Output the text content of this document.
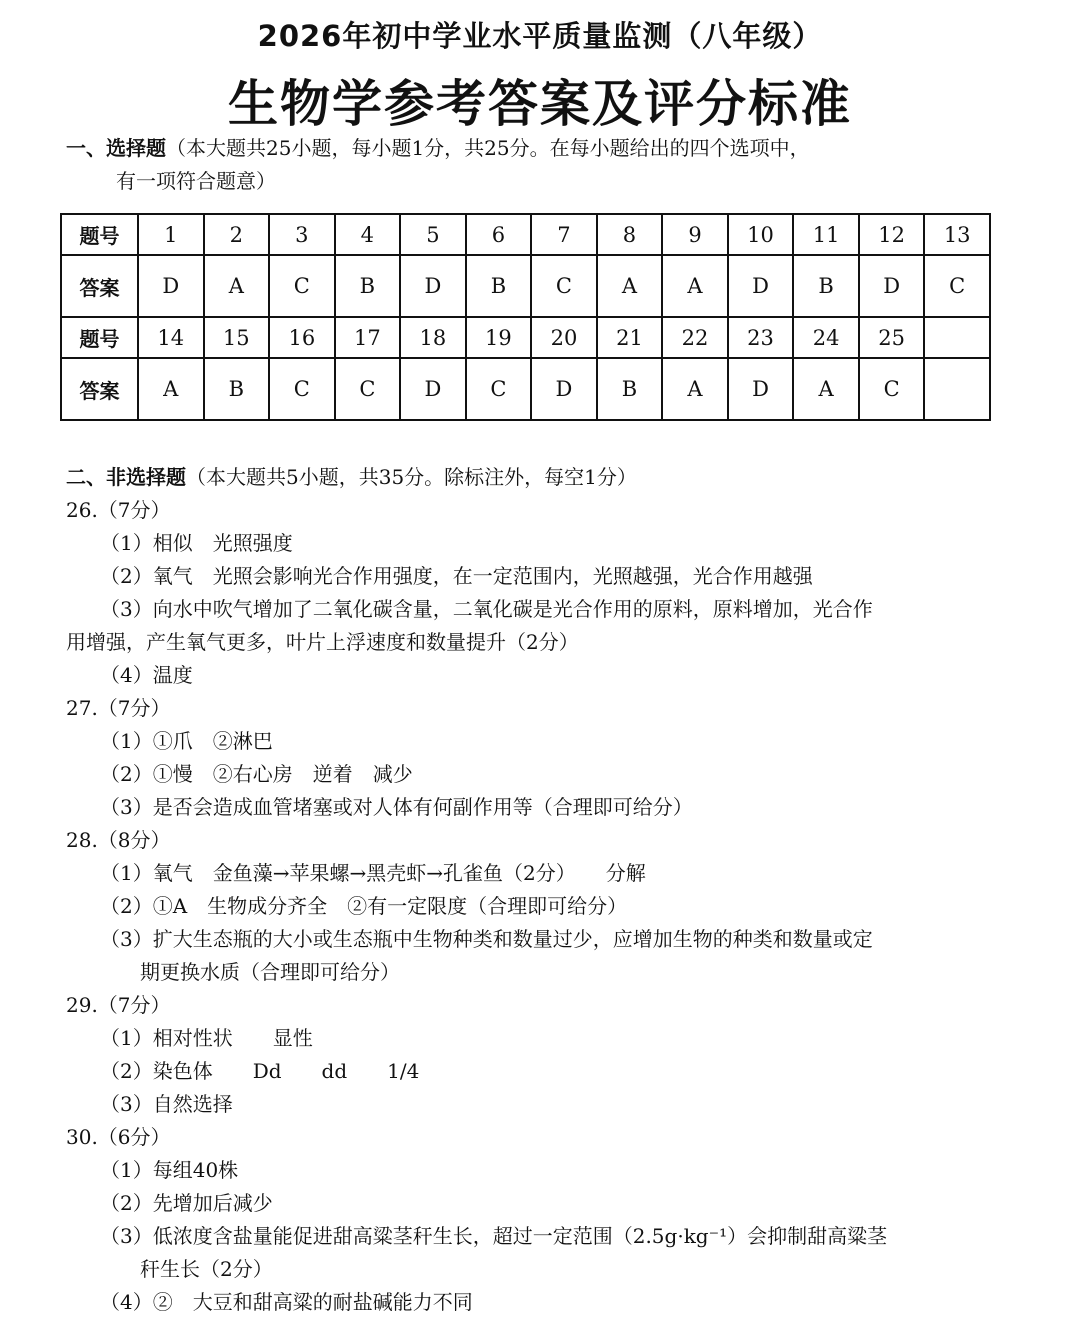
2026年初中学业水平质量监测（八年级）
生物学参考答案及评分标准
一、选择题（本大题共25小题，每小题1分，共25分。在每小题给出的四个选项中，
有一项符合题意）
题号	1	2	3	4	5	6	7	8	9	10	11	12	13
答案	D	A	C	B	D	B	C	A	A	D	B	D	C
题号	14	15	16	17	18	19	20	21	22	23	24	25	
答案	A	B	C	C	D	C	D	B	A	D	A	C	
二、非选择题（本大题共5小题，共35分。除标注外，每空1分）
26.（7分）
（1）相似　光照强度
（2）氧气　光照会影响光合作用强度，在一定范围内，光照越强，光合作用越强
（3）向水中吹气增加了二氧化碳含量，二氧化碳是光合作用的原料，原料增加，光合作
用增强，产生氧气更多，叶片上浮速度和数量提升（2分）
（4）温度
27.（7分）
（1）①爪　②淋巴
（2）①慢　②右心房　逆着　减少
（3）是否会造成血管堵塞或对人体有何副作用等（合理即可给分）
28.（8分）
（1）氧气　金鱼藻→苹果螺→黑壳虾→孔雀鱼（2分）　　分解
（2）①A　生物成分齐全　②有一定限度（合理即可给分）
（3）扩大生态瓶的大小或生态瓶中生物种类和数量过少，应增加生物的种类和数量或定
期更换水质（合理即可给分）
29.（7分）
（1）相对性状　　显性
（2）染色体　　Dd　　dd　　1/4
（3）自然选择
30.（6分）
（1）每组40株
（2）先增加后减少
（3）低浓度含盐量能促进甜高粱茎秆生长，超过一定范围（2.5g·kg⁻¹）会抑制甜高粱茎
秆生长（2分）
（4）②　大豆和甜高粱的耐盐碱能力不同
